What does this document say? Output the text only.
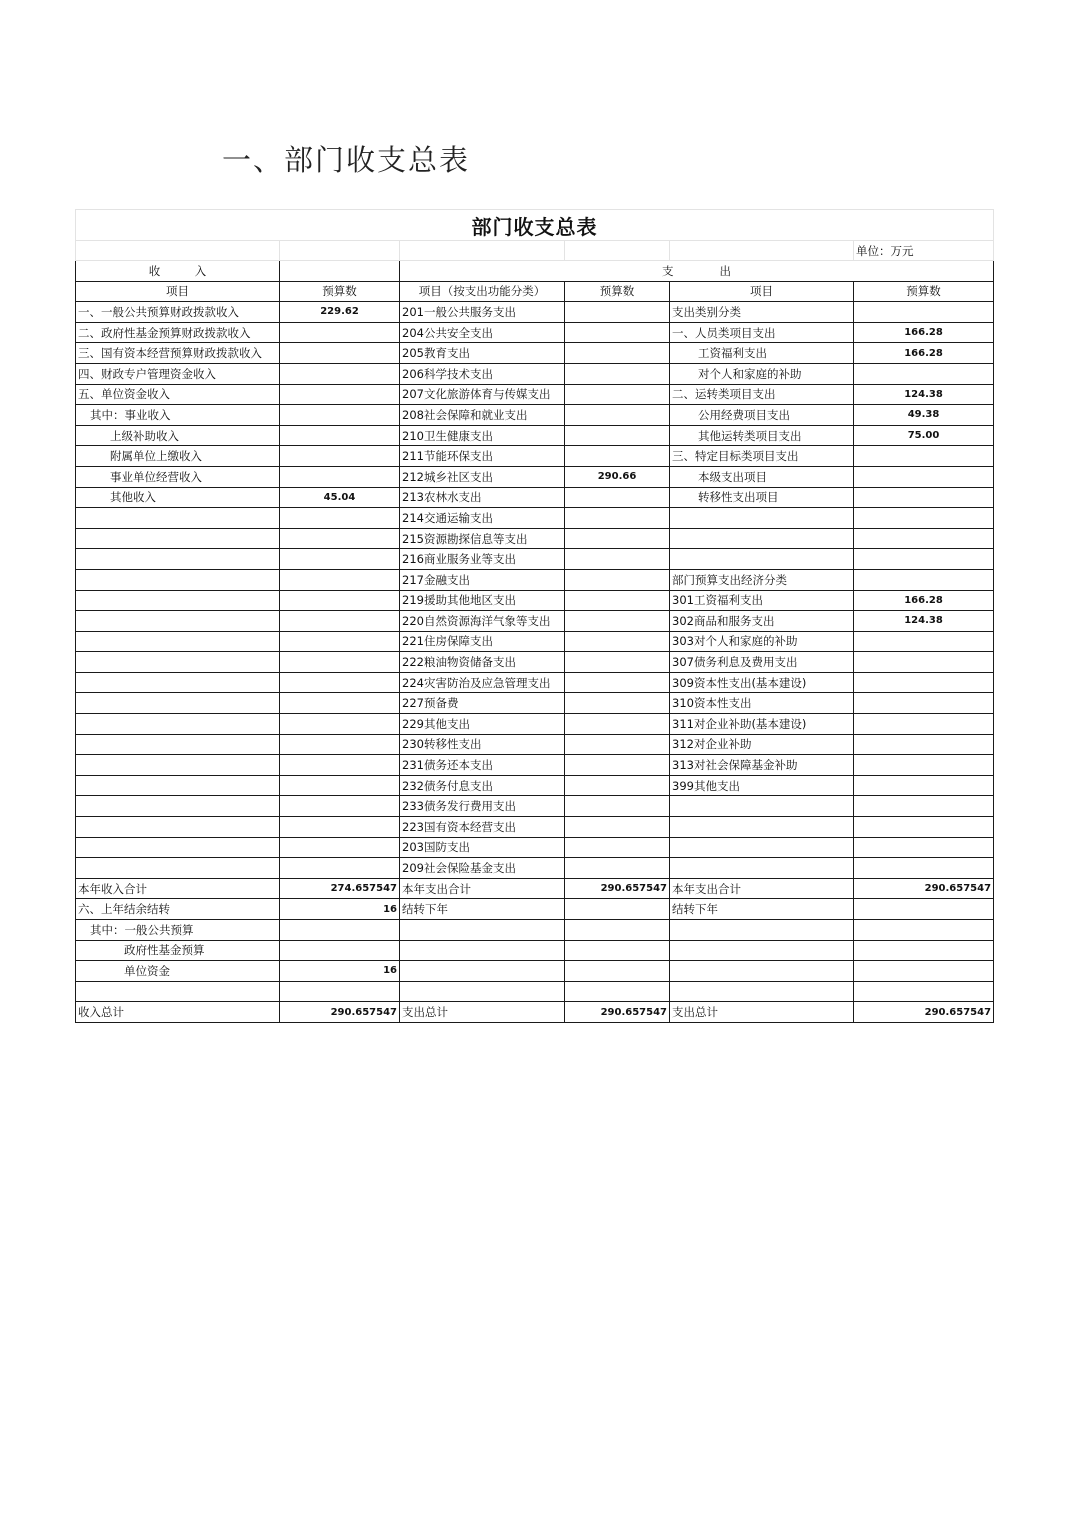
一、部门收支总表
部门收支总表					
					单位：万元
收　　　入		支　　　　出			
项目	预算数	项目（按支出功能分类）	预算数	项目	预算数
一、一般公共预算财政拨款收入	229.62	201一般公共服务支出		支出类别分类	
二、政府性基金预算财政拨款收入		204公共安全支出		一、人员类项目支出	166.28
三、国有资本经营预算财政拨款收入		205教育支出		工资福利支出	166.28
四、财政专户管理资金收入		206科学技术支出		对个人和家庭的补助	
五、单位资金收入		207文化旅游体育与传媒支出		二、运转类项目支出	124.38
其中：事业收入		208社会保障和就业支出		公用经费项目支出	49.38
上级补助收入		210卫生健康支出		其他运转类项目支出	75.00
附属单位上缴收入		211节能环保支出		三、特定目标类项目支出	
事业单位经营收入		212城乡社区支出	290.66	本级支出项目	
其他收入	45.04	213农林水支出		转移性支出项目	
		214交通运输支出			
		215资源勘探信息等支出			
		216商业服务业等支出			
		217金融支出		部门预算支出经济分类	
		219援助其他地区支出		301工资福利支出	166.28
		220自然资源海洋气象等支出		302商品和服务支出	124.38
		221住房保障支出		303对个人和家庭的补助	
		222粮油物资储备支出		307债务利息及费用支出	
		224灾害防治及应急管理支出		309资本性支出(基本建设)	
		227预备费		310资本性支出	
		229其他支出		311对企业补助(基本建设)	
		230转移性支出		312对企业补助	
		231债务还本支出		313对社会保障基金补助	
		232债务付息支出		399其他支出	
		233债务发行费用支出			
		223国有资本经营支出			
		203国防支出			
		209社会保险基金支出			
本年收入合计	274.657547	本年支出合计	290.657547	本年支出合计	290.657547
六、上年结余结转	16	结转下年		结转下年	
其中：一般公共预算					
政府性基金预算					
单位资金	16				

收入总计	290.657547	支出总计	290.657547	支出总计	290.657547
